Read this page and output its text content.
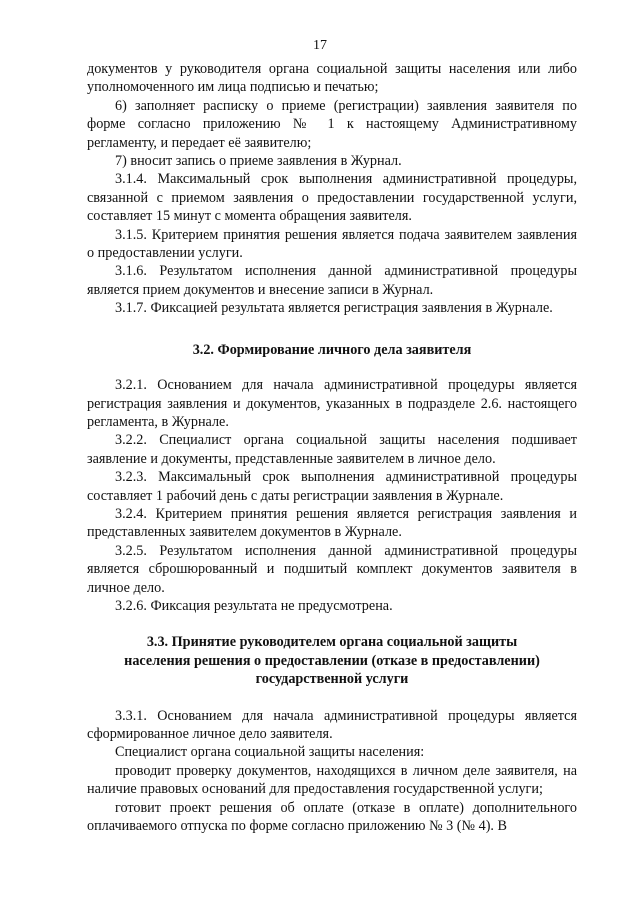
17

документов у руководителя органа социальной защиты населения или либо уполномоченного им лица подписью и печатью;

6) заполняет расписку о приеме (регистрации) заявления заявителя по форме согласно приложению № 1 к настоящему Административному регламенту, и передает её заявителю;

7) вносит запись о приеме заявления в Журнал.

3.1.4. Максимальный срок выполнения административной процедуры, связанной с приемом заявления о предоставлении государственной услуги, составляет 15 минут с момента обращения заявителя.

3.1.5. Критерием принятия решения является подача заявителем заявления о предоставлении услуги.

3.1.6. Результатом исполнения данной административной процедуры является прием документов и внесение записи в Журнал.

3.1.7. Фиксацией результата является регистрация заявления в Журнале.

3.2. Формирование личного дела заявителя

3.2.1. Основанием для начала административной процедуры является регистрация заявления и документов, указанных в подразделе 2.6. настоящего регламента, в Журнале.

3.2.2. Специалист органа социальной защиты населения подшивает заявление и документы, представленные заявителем в личное дело.

3.2.3. Максимальный срок выполнения административной процедуры составляет 1 рабочий день с даты регистрации заявления в Журнале.

3.2.4. Критерием принятия решения является регистрация заявления и представленных заявителем документов в Журнале.

3.2.5. Результатом исполнения данной административной процедуры является сброшюрованный и подшитый комплект документов заявителя в личное дело.

3.2.6. Фиксация результата не предусмотрена.

3.3. Принятие руководителем органа социальной защиты

населения решения о предоставлении (отказе в предоставлении)

государственной услуги

3.3.1. Основанием для начала административной процедуры является сформированное личное дело заявителя.

Специалист органа социальной защиты населения:

проводит проверку документов, находящихся в личном деле заявителя, на наличие правовых оснований для предоставления государственной услуги;

готовит проект решения об оплате (отказе в оплате) дополнительного оплачиваемого отпуска по форме согласно приложению № 3 (№ 4). В
